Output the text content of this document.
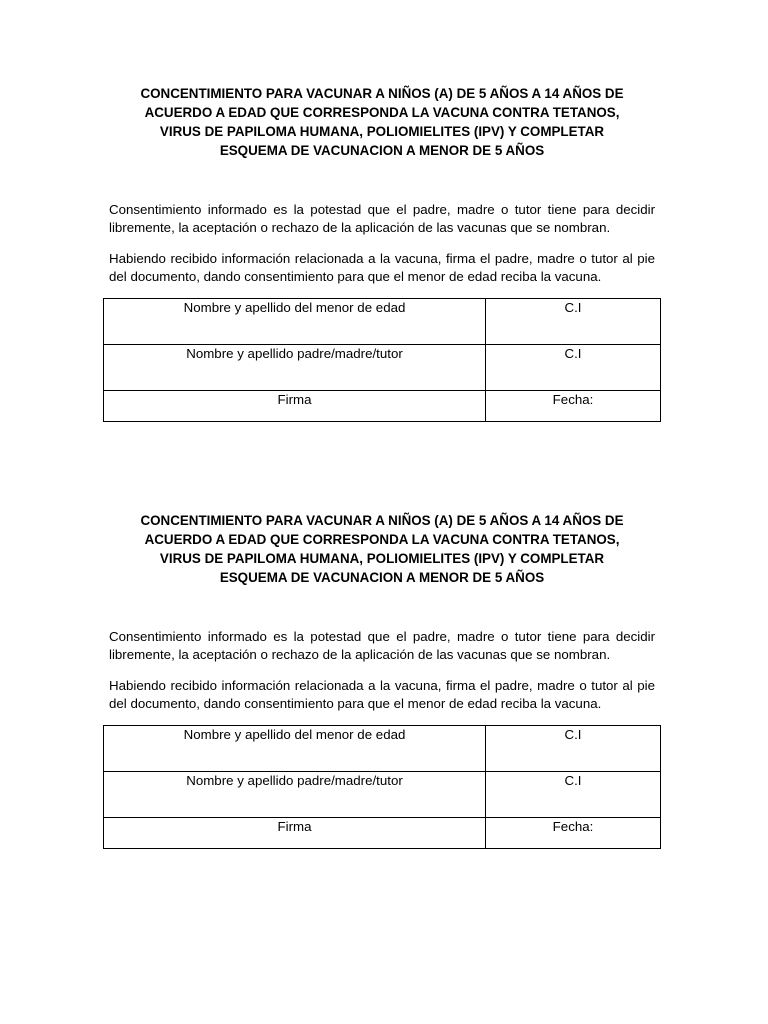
CONCENTIMIENTO PARA VACUNAR A NIÑOS (A) DE 5 AÑOS A 14 AÑOS DE
ACUERDO A EDAD QUE CORRESPONDA LA VACUNA CONTRA TETANOS,
VIRUS DE PAPILOMA HUMANA, POLIOMIELITES (IPV) Y COMPLETAR
ESQUEMA DE VACUNACION A MENOR DE 5 AÑOS

Consentimiento informado es la potestad que el padre, madre o tutor tiene para decidir libremente, la aceptación o rechazo de la aplicación de las vacunas que se nombran.

Habiendo recibido información relacionada a la vacuna, firma el padre, madre o tutor al pie del documento, dando consentimiento para que el menor de edad reciba la vacuna.

Nombre y apellido del menor de edad	C.I
Nombre y apellido padre/madre/tutor	C.I
Firma	Fecha:
CONCENTIMIENTO PARA VACUNAR A NIÑOS (A) DE 5 AÑOS A 14 AÑOS DE
ACUERDO A EDAD QUE CORRESPONDA LA VACUNA CONTRA TETANOS,
VIRUS DE PAPILOMA HUMANA, POLIOMIELITES (IPV) Y COMPLETAR
ESQUEMA DE VACUNACION A MENOR DE 5 AÑOS

Consentimiento informado es la potestad que el padre, madre o tutor tiene para decidir libremente, la aceptación o rechazo de la aplicación de las vacunas que se nombran.

Habiendo recibido información relacionada a la vacuna, firma el padre, madre o tutor al pie del documento, dando consentimiento para que el menor de edad reciba la vacuna.

Nombre y apellido del menor de edad	C.I
Nombre y apellido padre/madre/tutor	C.I
Firma	Fecha:
